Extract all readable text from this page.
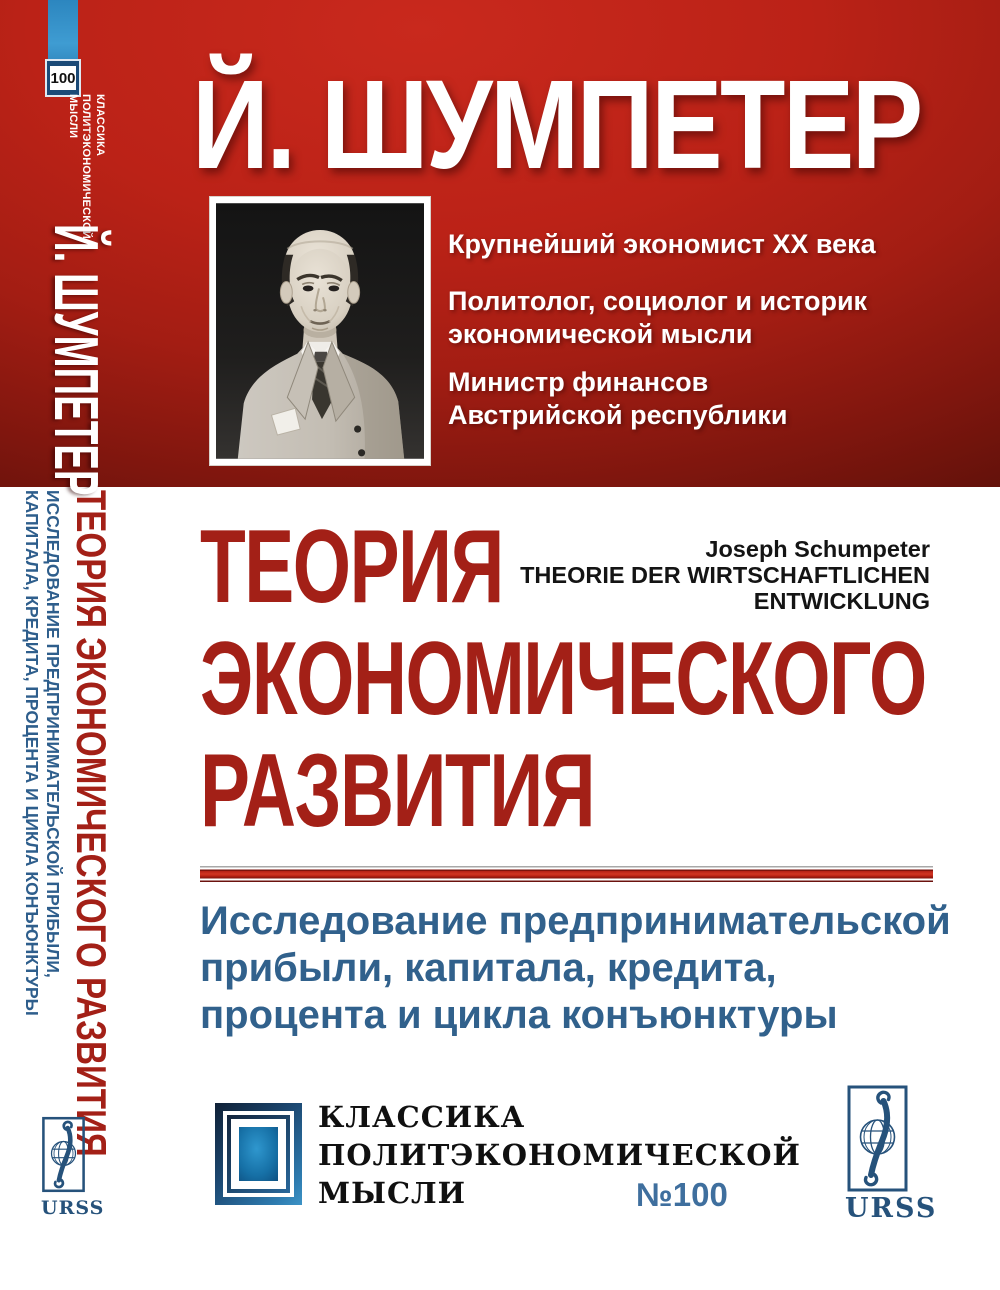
100
КЛАССИКА
ПОЛИТЭКОНОМИЧЕСКОЙ
МЫСЛИ
Й. ШУМПЕТЕР
ТЕОРИЯ ЭКОНОМИЧЕСКОГО РАЗВИТИЯ
ИССЛЕДОВАНИЕ ПРЕДПРИНИМАТЕЛЬСКОЙ ПРИБЫЛИ,
КАПИТАЛА, КРЕДИТА, ПРОЦЕНТА И ЦИКЛА КОНЪЮНКТУРЫ
Й. ШУМПЕТЕР
Крупнейший экономист XX века
Политолог, социолог и историк
экономической мысли
Министр финансов
Австрийской республики
Joseph Schumpeter
THEORIE DER WIRTSCHAFTLICHEN
ENTWICKLUNG
ТЕОРИЯ
ЭКОНОМИЧЕСКОГО
РАЗВИТИЯ
Исследование предпринимательской
прибыли, капитала, кредита,
процента и цикла конъюнктуры
КЛАССИКА
ПОЛИТЭКОНОМИЧЕСКОЙ
МЫСЛИ	№100	URSS
URSS
